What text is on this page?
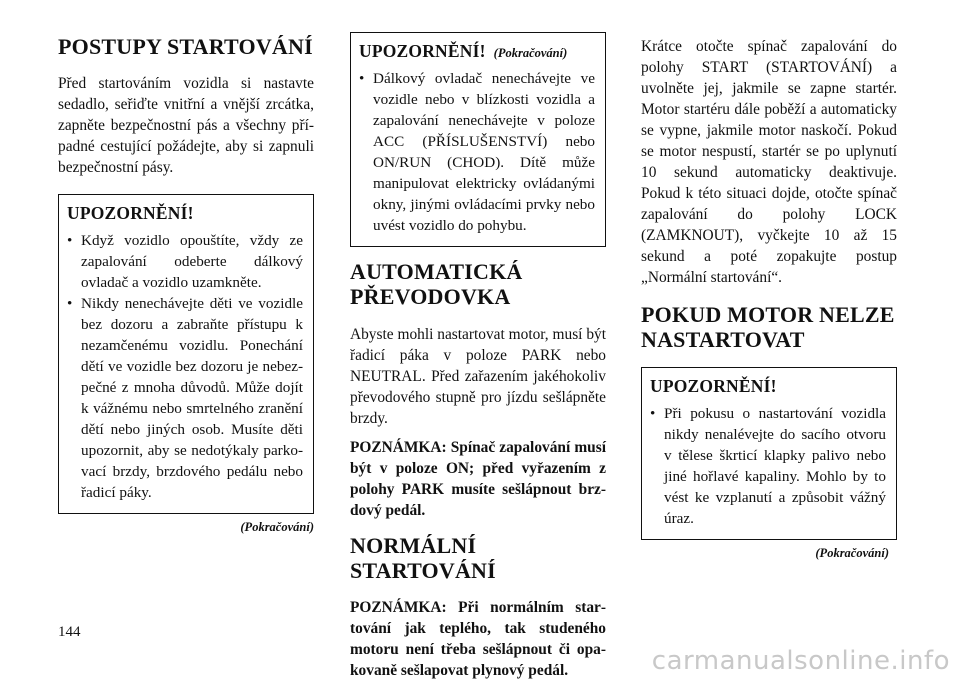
POSTUPY STARTOVÁNÍ

Před startováním vozidla si nastavte sedadlo, seřiďte vnitřní a vnější zrcátka, zapněte bezpečnostní pás a všechny případné cestující požádejte, aby si zapnuli bezpečnostní pásy.

UPOZORNĚNÍ!
• Když vozidlo opouštíte, vždy ze zapalování odeberte dálkový ovladač a vozidlo uzamkněte.
• Nikdy nenechávejte děti ve vozidle bez dozoru a zabraňte přístupu k nezamčenému vozidlu. Ponechání dětí ve vozidle bez dozoru je nebezpečné z mnoha důvodů. Může dojít k vážnému nebo smrtelného zranění dětí nebo jiných osob. Musíte děti upozornit, aby se nedotýkaly parkovací brzdy, brzdového pedálu nebo řadicí páky.
(Pokračování)
UPOZORNĚNÍ! (Pokračování)
• Dálkový ovladač nenechávejte ve vozidle nebo v blízkosti vozidla a zapalování nenechávejte v poloze ACC (PŘÍSLUŠENSTVÍ) nebo ON/RUN (CHOD). Dítě může manipulovat elektricky ovládanými okny, jinými ovládacími prvky nebo uvést vozidlo do pohybu.
AUTOMATICKÁ PŘEVODOVKA

Abyste mohli nastartovat motor, musí být řadicí páka v poloze PARK nebo NEUTRAL. Před zařazením jakéhokoliv převodového stupně pro jízdu sešlápněte brzdy.

POZNÁMKA: Spínač zapalování musí být v poloze ON; před vyřazením z polohy PARK musíte sešlápnout brzdový pedál.

NORMÁLNÍ STARTOVÁNÍ

POZNÁMKA: Při normálním startování jak teplého, tak studeného motoru není třeba sešlápnout či opakovaně sešlapovat plynový pedál.

Krátce otočte spínač zapalování do polohy START (STARTOVÁNÍ) a uvolněte jej, jakmile se zapne startér. Motor startéru dále poběží a automaticky se vypne, jakmile motor naskočí. Pokud se motor nespustí, startér se po uplynutí 10 sekund automaticky deaktivuje. Pokud k této situaci dojde, otočte spínač zapalování do polohy LOCK (ZAMKNOUT), vyčkejte 10 až 15 sekund a poté zopakujte postup „Normální startování“.

POKUD MOTOR NELZE NASTARTOVAT
UPOZORNĚNÍ!
• Při pokusu o nastartování vozidla nikdy nenalévejte do sacího otvoru v tělese škrticí klapky palivo nebo jiné hořlavé kapaliny. Mohlo by to vést ke vzplanutí a způsobit vážný úraz.
(Pokračování)
144
carmanualsonline.info
